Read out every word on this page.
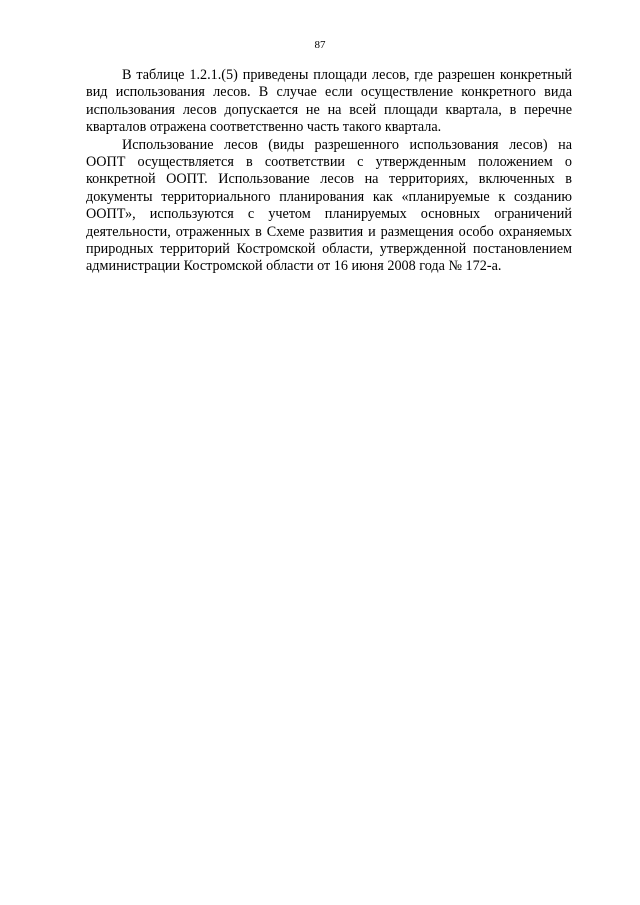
87

В таблице 1.2.1.(5) приведены площади лесов, где разрешен конкретный вид использования лесов. В случае если осуществление конкретного вида использования лесов допускается не на всей площади квартала, в перечне кварталов отражена соответственно часть такого квартала.

Использование лесов (виды разрешенного использования лесов) на ООПТ осуществляется в соответствии с утвержденным положением о конкретной ООПТ. Использование лесов на территориях, включенных в документы территориального планирования как «планируемые к созданию ООПТ», используются с учетом планируемых основных ограничений деятельности, отраженных в Схеме развития и размещения особо охраняемых природных территорий Костромской области, утвержденной постановлением администрации Костромской области от 16 июня 2008 года № 172-а.
